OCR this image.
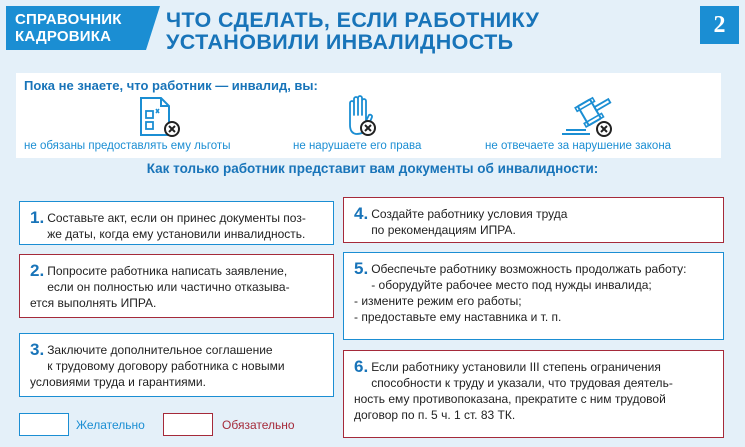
СПРАВОЧНИК
КАДРОВИКА
ЧТО СДЕЛАТЬ, ЕСЛИ РАБОТНИКУ
УСТАНОВИЛИ ИНВАЛИДНОСТЬ
2
Пока не знаете, что работник — инвалид, вы:
не обязаны предоставлять ему льготы	не нарушаете его права	не отвечаете за нарушение закона
Как только работник представит вам документы об инвалидности:
1. Составьте акт, если он принес документы поз-
же даты, когда ему установили инвалидность.
2. Попросите работника написать заявление,
если он полностью или частично отказыва-
ется выполнять ИПРА.
3. Заключите дополнительное соглашение
к трудовому договору работника с новыми
условиями труда и гарантиями.
4. Создайте работнику условия труда
по рекомендациям ИПРА.
5. Обеспечьте работнику возможность продолжать работу:
- оборудуйте рабочее место под нужды инвалида;
- измените режим его работы;
- предоставьте ему наставника и т. п.
6. Если работнику установили III степень ограничения
способности к труду и указали, что трудовая деятель-
ность ему противопоказана, прекратите с ним трудовой
договор по п. 5 ч. 1 ст. 83 ТК.
Желательно	Обязательно
